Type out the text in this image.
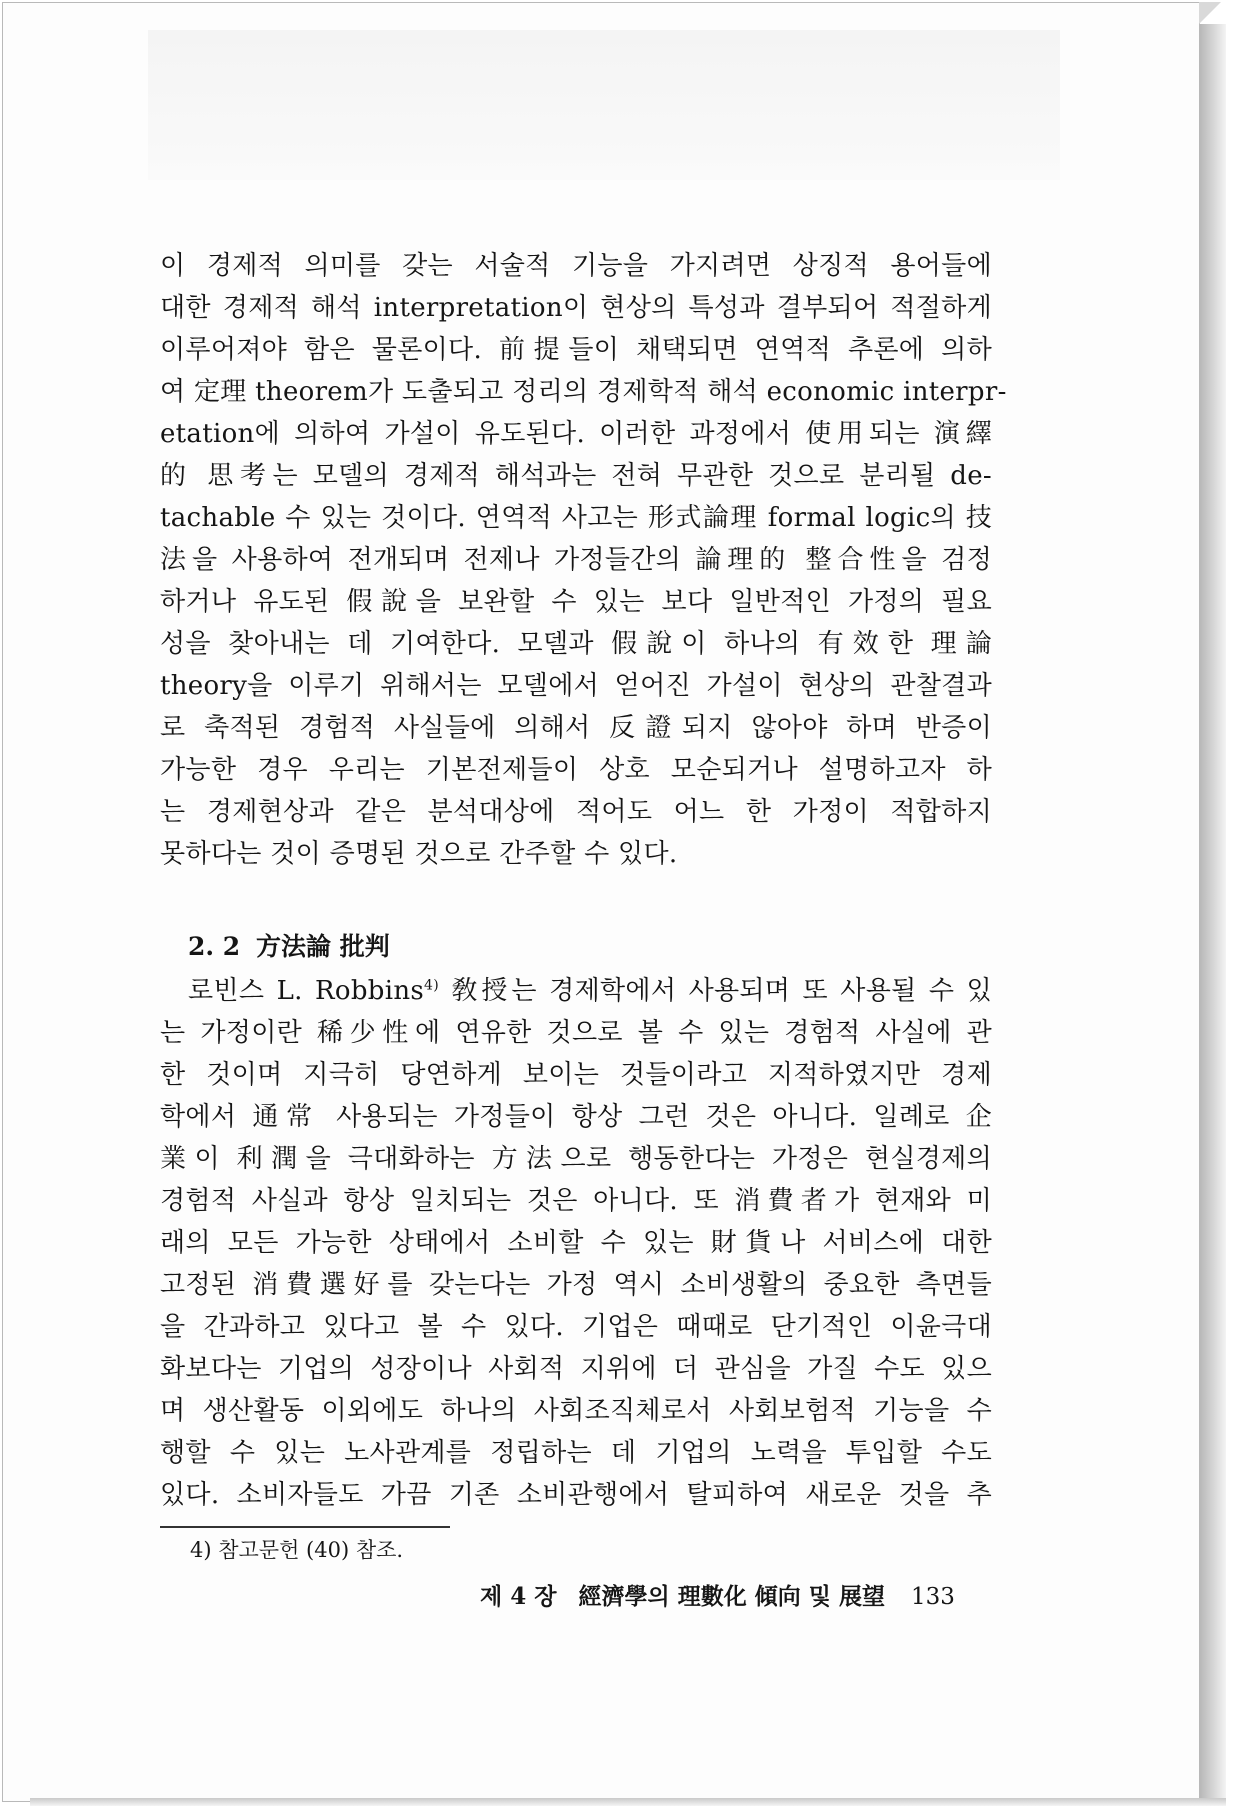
이 경제적 의미를 갖는 서술적 기능을 가지려면 상징적 용어들에
대한 경제적 해석 interpretation이 현상의 특성과 결부되어 적절하게
이루어져야 함은 물론이다. 前提들이 채택되면 연역적 추론에 의하
여 定理 theorem가 도출되고 정리의 경제학적 해석 economic interpr-
etation에 의하여 가설이 유도된다. 이러한 과정에서 使用되는 演繹
的 思考는 모델의 경제적 해석과는 전혀 무관한 것으로 분리될 de-
tachable 수 있는 것이다. 연역적 사고는 形式論理 formal logic의 技
法을 사용하여 전개되며 전제나 가정들간의 論理的 整合性을 검정
하거나 유도된 假說을 보완할 수 있는 보다 일반적인 가정의 필요
성을 찾아내는 데 기여한다. 모델과 假說이 하나의 有效한 理論
theory을 이루기 위해서는 모델에서 얻어진 가설이 현상의 관찰결과
로 축적된 경험적 사실들에 의해서 反證되지 않아야 하며 반증이
가능한 경우 우리는 기본전제들이 상호 모순되거나 설명하고자 하
는 경제현상과 같은 분석대상에 적어도 어느 한 가정이 적합하지
못하다는 것이 증명된 것으로 간주할 수 있다.
2. 2 方法論 批判
로빈스 L. Robbins$^{4)}$ 敎授는 경제학에서 사용되며 또 사용될 수 있
는 가정이란 稀少性에 연유한 것으로 볼 수 있는 경험적 사실에 관
한 것이며 지극히 당연하게 보이는 것들이라고 지적하였지만 경제
학에서 通常 사용되는 가정들이 항상 그런 것은 아니다. 일례로 企
業이 利潤을 극대화하는 方法으로 행동한다는 가정은 현실경제의
경험적 사실과 항상 일치되는 것은 아니다. 또 消費者가 현재와 미
래의 모든 가능한 상태에서 소비할 수 있는 財貨나 서비스에 대한
고정된 消費選好를 갖는다는 가정 역시 소비생활의 중요한 측면들
을 간과하고 있다고 볼 수 있다. 기업은 때때로 단기적인 이윤극대
화보다는 기업의 성장이나 사회적 지위에 더 관심을 가질 수도 있으
며 생산활동 이외에도 하나의 사회조직체로서 사회보험적 기능을 수
행할 수 있는 노사관계를 정립하는 데 기업의 노력을 투입할 수도
있다. 소비자들도 가끔 기존 소비관행에서 탈피하여 새로운 것을 추
4) 참고문헌 (40) 참조.
제 4 장 經濟學의 理數化 傾向 및 展望 133
